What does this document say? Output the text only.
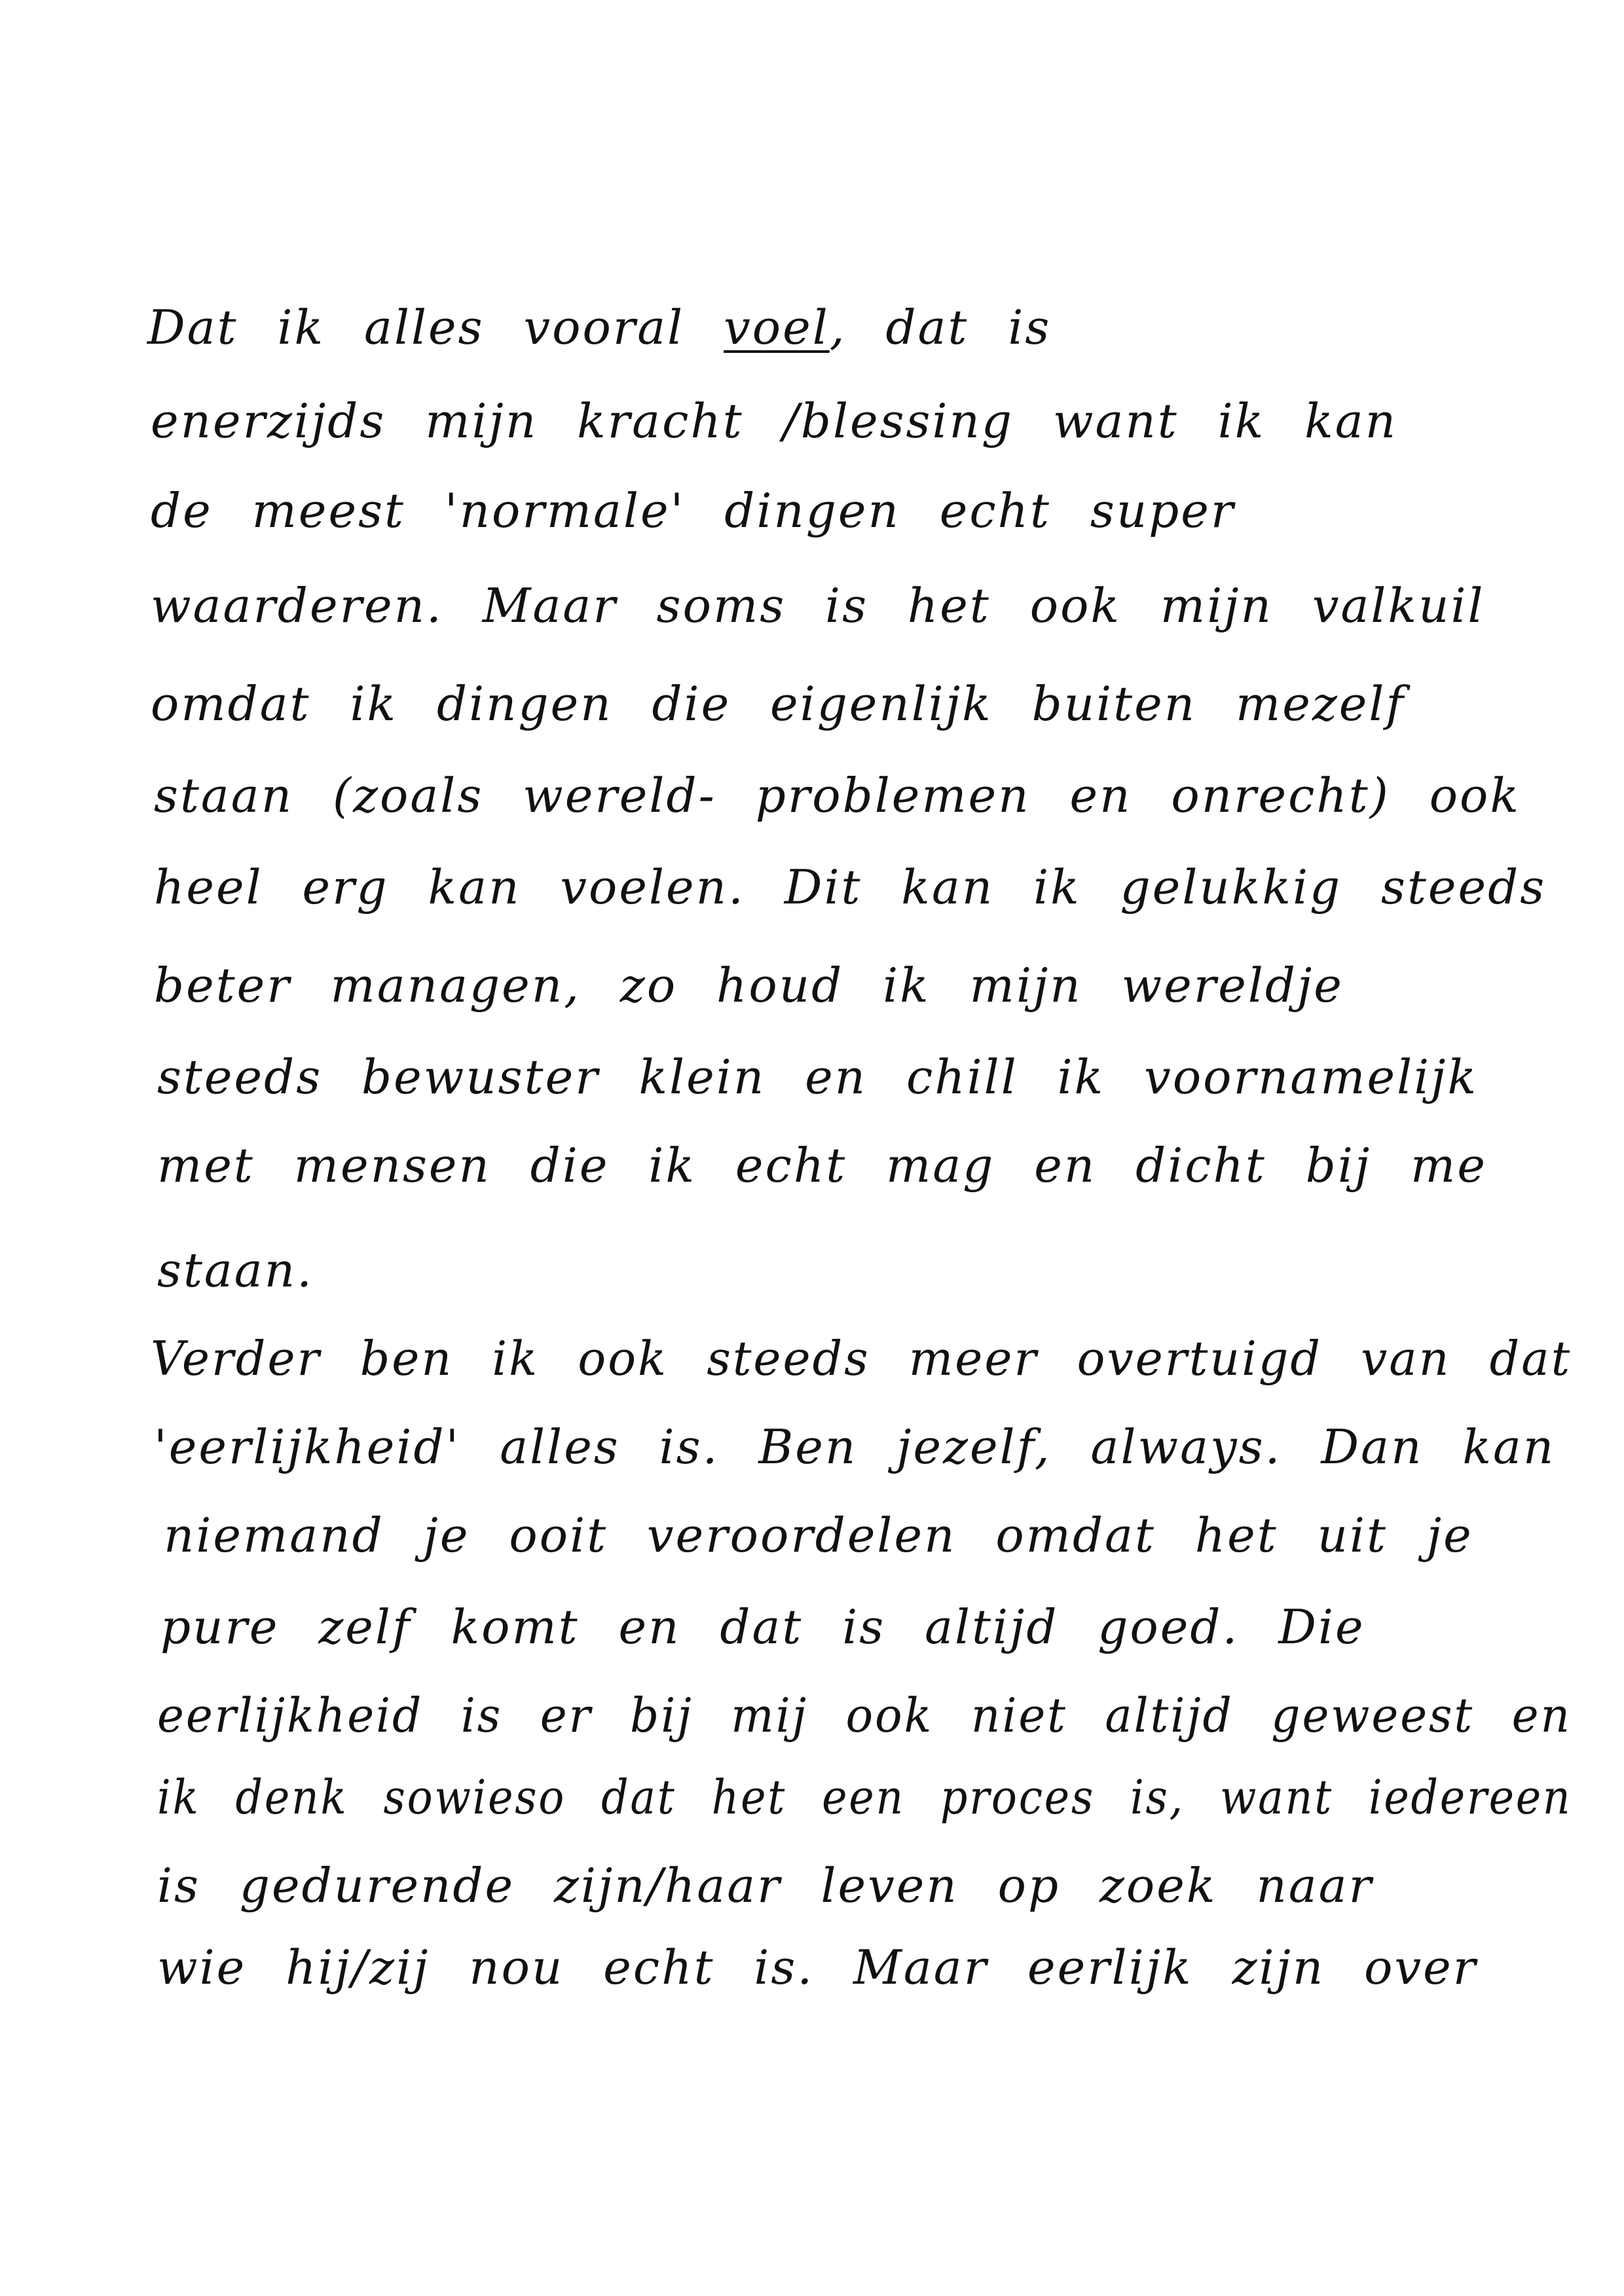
Dat ik alles vooral voel, dat is
enerzijds mijn kracht /blessing want ik kan
de meest 'normale' dingen echt super
waarderen. Maar soms is het ook mijn valkuil
omdat ik dingen die eigenlijk buiten mezelf
staan (zoals wereld- problemen en onrecht) ook
heel erg kan voelen. Dit kan ik gelukkig steeds
beter managen, zo houd ik mijn wereldje
steeds bewuster klein en chill ik voornamelijk
met mensen die ik echt mag en dicht bij me
staan.
Verder ben ik ook steeds meer overtuigd van dat
'eerlijkheid' alles is. Ben jezelf, always. Dan kan
niemand je ooit veroordelen omdat het uit je
pure zelf komt en dat is altijd goed. Die
eerlijkheid is er bij mij ook niet altijd geweest en
ik denk sowieso dat het een proces is, want iedereen
is gedurende zijn/haar leven op zoek naar
wie hij/zij nou echt is. Maar eerlijk zijn over
